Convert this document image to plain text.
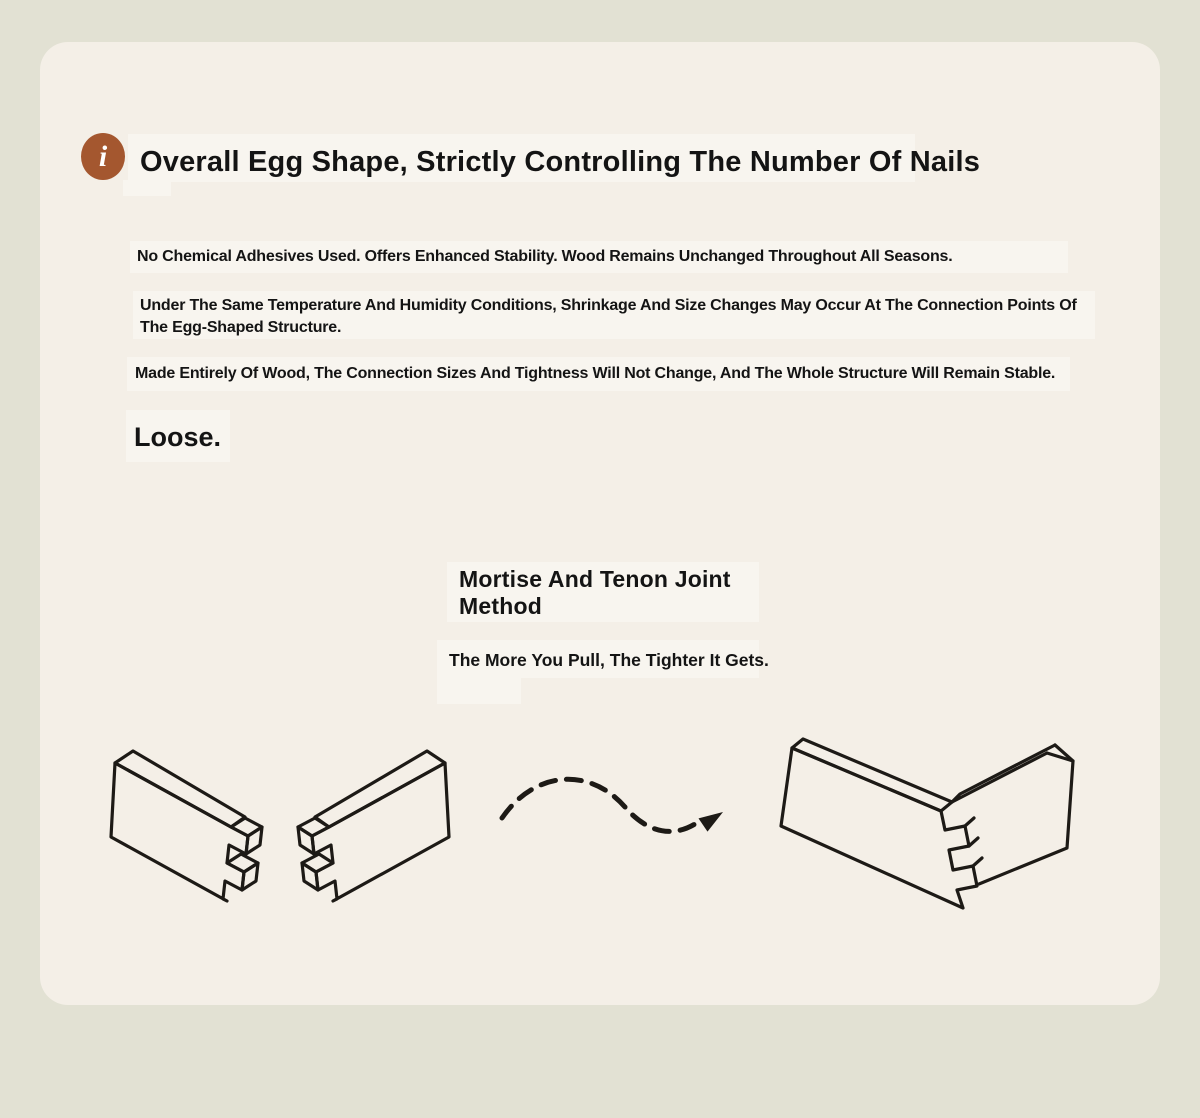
i	Overall Egg Shape, Strictly Controlling The Number Of Nails
No Chemical Adhesives Used. Offers Enhanced Stability. Wood Remains Unchanged Throughout All Seasons.
Under The Same Temperature And Humidity Conditions, Shrinkage And Size Changes May Occur At The Connection Points Of The Egg-Shaped Structure.
Made Entirely Of Wood, The Connection Sizes And Tightness Will Not Change, And The Whole Structure Will Remain Stable.
Loose.
Mortise And Tenon Joint Method
The More You Pull, The Tighter It Gets.
